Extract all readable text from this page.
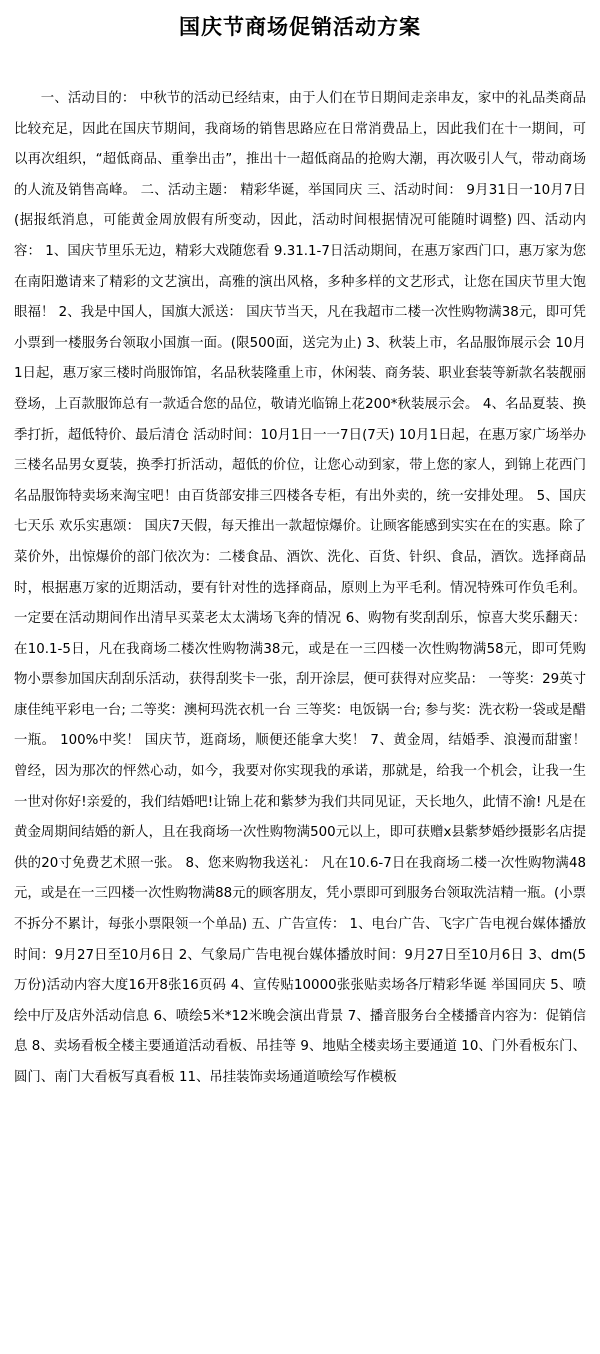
国庆节商场促销活动方案
一、活动目的： 中秋节的活动已经结束，由于人们在节日期间走亲串友，家中的礼品类商品比较充足，因此在国庆节期间，我商场的销售思路应在日常消费品上，因此我们在十一期间，可以再次组织，“超低商品、重拳出击”，推出十一超低商品的抢购大潮，再次吸引人气，带动商场的人流及销售高峰。 二、活动主题： 精彩华诞，举国同庆 三、活动时间： 9月31日一10月7日(据报纸消息，可能黄金周放假有所变动，因此，活动时间根据情况可能随时调整) 四、活动内容： 1、国庆节里乐无边，精彩大戏随您看 9.31.1-7日活动期间，在惠万家西门口，惠万家为您在南阳邀请来了精彩的文艺演出，高雅的演出风格，多种多样的文艺形式，让您在国庆节里大饱眼福！ 2、我是中国人，国旗大派送： 国庆节当天，凡在我超市二楼一次性购物满38元，即可凭小票到一楼服务台领取小国旗一面。(限500面，送完为止) 3、秋装上市，名品服饰展示会 10月1日起，惠万家三楼时尚服饰馆，名品秋装隆重上市，休闲装、商务装、职业套装等新款名装靓丽登场，上百款服饰总有一款适合您的品位，敬请光临锦上花200*秋装展示会。 4、名品夏装、换季打折，超低特价、最后清仓 活动时间：10月1日一一7日(7天) 10月1日起，在惠万家广场举办三楼名品男女夏装，换季打折活动，超低的价位，让您心动到家，带上您的家人，到锦上花西门名品服饰特卖场来淘宝吧！由百货部安排三四楼各专柜，有出外卖的，统一安排处理。 5、国庆七天乐 欢乐实惠颂： 国庆7天假，每天推出一款超惊爆价。让顾客能感到实实在在的实惠。除了菜价外，出惊爆价的部门依次为：二楼食品、酒饮、洗化、百货、针织、食品，酒饮。选择商品时，根据惠万家的近期活动，要有针对性的选择商品，原则上为平毛利。情况特殊可作负毛利。一定要在活动期间作出清早买菜老太太满场飞奔的情况 6、购物有奖刮刮乐，惊喜大奖乐翻天： 在10.1-5日，凡在我商场二楼次性购物满38元，或是在一三四楼一次性购物满58元，即可凭购物小票参加国庆刮刮乐活动，获得刮奖卡一张，刮开涂层，便可获得对应奖品： 一等奖：29英寸康佳纯平彩电一台; 二等奖：澳柯玛洗衣机一台 三等奖：电饭锅一台; 参与奖：洗衣粉一袋或是醋一瓶。 100%中奖！ 国庆节，逛商场，顺便还能拿大奖！ 7、黄金周，结婚季、浪漫而甜蜜！ 曾经，因为那次的怦然心动，如今，我要对你实现我的承诺，那就是，给我一个机会，让我一生一世对你好!亲爱的，我们结婚吧!让锦上花和紫梦为我们共同见证，天长地久，此情不渝! 凡是在黄金周期间结婚的新人，且在我商场一次性购物满500元以上，即可获赠x县紫梦婚纱摄影名店提供的20寸免费艺术照一张。 8、您来购物我送礼： 凡在10.6-7日在我商场二楼一次性购物满48元，或是在一三四楼一次性购物满88元的顾客朋友，凭小票即可到服务台领取洗洁精一瓶。(小票不拆分不累计，每张小票限领一个单品) 五、广告宣传： 1、电台广告、飞字广告电视台媒体播放时间：9月27日至10月6日 2、气象局广告电视台媒体播放时间：9月27日至10月6日 3、dm(5万份)活动内容大度16开8张16页码 4、宣传贴10000张张贴卖场各厅精彩华诞 举国同庆 5、喷绘中厅及店外活动信息 6、喷绘5米*12米晚会演出背景 7、播音服务台全楼播音内容为：促销信息 8、卖场看板全楼主要通道活动看板、吊挂等 9、地贴全楼卖场主要通道 10、门外看板东门、圆门、南门大看板写真看板 11、吊挂装饰卖场通道喷绘写作模板
